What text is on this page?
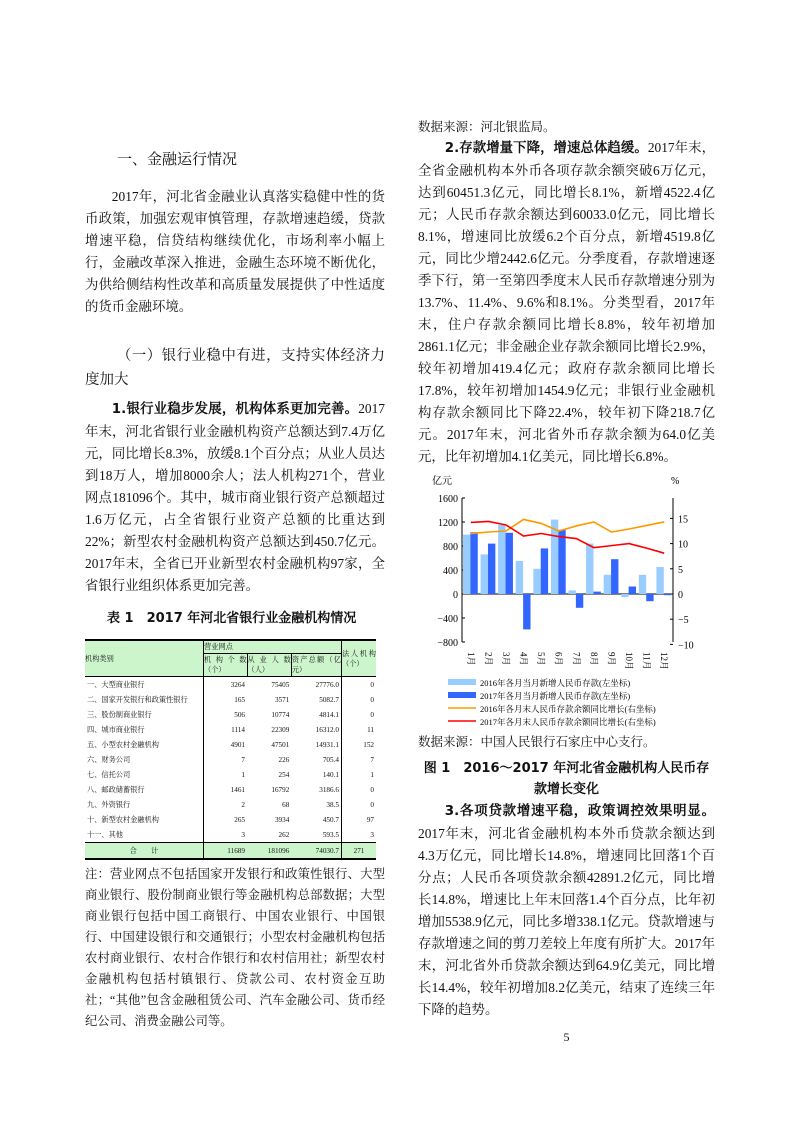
一、金融运行情况

2017年，河北省金融业认真落实稳健中性的货币政策，加强宏观审慎管理，存款增速趋缓，贷款增速平稳，信贷结构继续优化，市场利率小幅上行，金融改革深入推进，金融生态环境不断优化，为供给侧结构性改革和高质量发展提供了中性适度的货币金融环境。

（一）银行业稳中有进，支持实体经济力度加大

1.银行业稳步发展，机构体系更加完善。2017年末，河北省银行业金融机构资产总额达到7.4万亿元，同比增长8.3%，放缓8.1个百分点；从业人员达到18万人，增加8000余人；法人机构271个，营业网点181096个。其中，城市商业银行资产总额超过1.6万亿元，占全省银行业资产总额的比重达到22%；新型农村金融机构资产总额达到450.7亿元。2017年末，全省已开业新型农村金融机构97家，全省银行业组织体系更加完善。

表 1　2017 年河北省银行业金融机构情况
机构类别	营业网点			法人机构（个）
	机构个数（个）	从业人数（人）	资产总额（亿元）	
一、大型商业银行	3264	75405	27776.0	0
二、国家开发银行和政策性银行	165	3571	5082.7	0
三、股份制商业银行	506	10774	4814.1	0
四、城市商业银行	1114	22309	16312.0	11
五、小型农村金融机构	4901	47501	14931.1	152
六、财务公司	7	226	705.4	7
七、信托公司	1	254	140.1	1
八、邮政储蓄银行	1461	16792	3186.6	0
九、外资银行	2	68	38.5	0
十、新型农村金融机构	265	3934	450.7	97
十一、其他	3	262	593.5	3
合　　计	11689	181096	74030.7	271
注：营业网点不包括国家开发银行和政策性银行、大型商业银行、股份制商业银行等金融机构总部数据；大型商业银行包括中国工商银行、中国农业银行、中国银行、中国建设银行和交通银行；小型农村金融机构包括农村商业银行、农村合作银行和农村信用社；新型农村金融机构包括村镇银行、贷款公司、农村资金互助社；“其他”包含金融租赁公司、汽车金融公司、货币经纪公司、消费金融公司等。

数据来源：河北银监局。

2.存款增量下降，增速总体趋缓。2017年末，全省金融机构本外币各项存款余额突破6万亿元，达到60451.3亿元，同比增长8.1%，新增4522.4亿元；人民币存款余额达到60033.0亿元，同比增长8.1%，增速同比放缓6.2个百分点，新增4519.8亿元，同比少增2442.6亿元。分季度看，存款增速逐季下行，第一至第四季度末人民币存款增速分别为13.7%、11.4%、9.6%和8.1%。分类型看，2017年末，住户存款余额同比增长8.8%，较年初增加2861.1亿元；非金融企业存款余额同比增长2.9%，较年初增加419.4亿元；政府存款余额同比增长17.8%，较年初增加1454.9亿元；非银行业金融机构存款余额同比下降22.4%，较年初下降218.7亿元。2017年末，河北省外币存款余额为64.0亿美元，比年初增加4.1亿美元，同比增长6.8%。

亿元	%
1600
1200
800
400
0
−400
−800
15
10
5
0
−5
−10
1月 2月 3月 4月 5月 6月 7月 8月 9月 10月 11月 12月
2016年各月当月新增人民币存款(左坐标)
2017年各月当月新增人民币存款(左坐标)
2016年各月末人民币存款余额同比增长(右坐标)
2017年各月末人民币存款余额同比增长(右坐标)
数据来源：中国人民银行石家庄中心支行。
图 1　2016～2017 年河北省金融机构人民币存款增长变化

3.各项贷款增速平稳，政策调控效果明显。2017年末，河北省金融机构本外币贷款余额达到4.3万亿元，同比增长14.8%，增速同比回落1个百分点；人民币各项贷款余额42891.2亿元，同比增长14.8%，增速比上年末回落1.4个百分点，比年初增加5538.9亿元，同比多增338.1亿元。贷款增速与存款增速之间的剪刀差较上年度有所扩大。2017年末，河北省外币贷款余额达到64.9亿美元，同比增长14.4%，较年初增加8.2亿美元，结束了连续三年下降的趋势。

5
